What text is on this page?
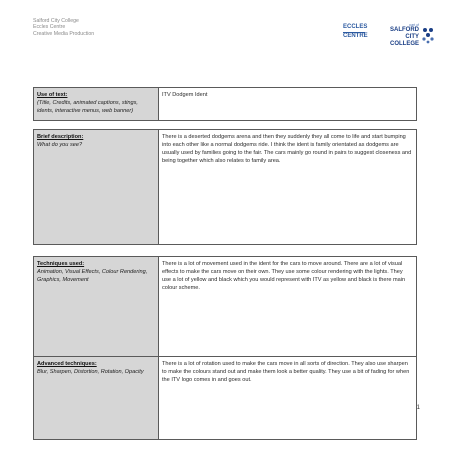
Salford City College
Eccles Centre
Creative Media Production
ECCLES
CENTRE
part of
SALFORD
CITY
COLLEGE
Use of text:
(Title, Credits, animated captions, stings, idents, interactive menus, web banner)
	ITV Dodgem Ident
Brief description:
What do you see?
	There is a deserted dodgems arena and then they suddenly they all come to life and start bumping into each other like a normal dodgems ride. I think the ident is family orientated as dodgems are usually used by families going to the fair. The cars mainly go round in pairs to suggest closeness and being together which also relates to family area.
Techniques used:
Animation, Visual Effects, Colour Rendering, Graphics, Movement	There is a lot of movement used in the ident for the cars to move around. There are a lot of visual effects to make the cars move on their own. They use some colour rendering with the lights. They use a lot of yellow and black which you would represent with ITV as yellow and black is there main colour scheme.

Advanced techniques:
Blur, Sharpen, Distortion, Rotation, Opacity	There is a lot of rotation used to make the cars move in all sorts of direction. They also use sharpen to make the colours stand out and make them look a better quality. They use a bit of fading for when the ITV logo comes in and goes out.
1
